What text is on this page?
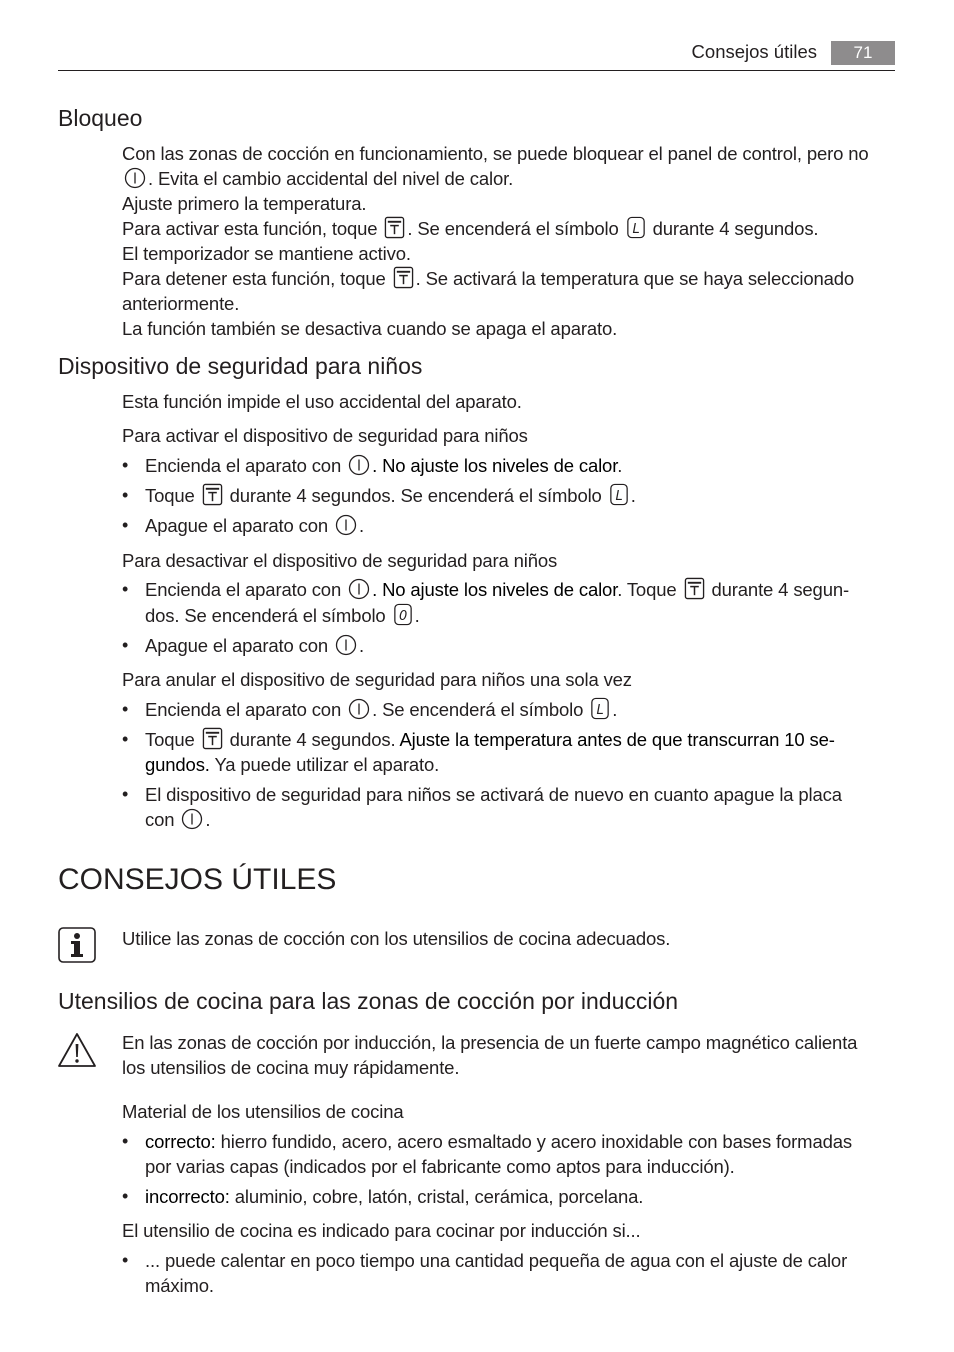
Consejos útiles	71
Bloqueo
Con las zonas de cocción en funcionamiento, se puede bloquear el panel de control, pero no
. Evita el cambio accidental del nivel de calor.
Ajuste primero la temperatura.
Para activar esta función, toque . Se encenderá el símbolo L durante 4 segundos.
El temporizador se mantiene activo.
Para detener esta función, toque . Se activará la temperatura que se haya seleccionado
anteriormente.
La función también se desactiva cuando se apaga el aparato.
Dispositivo de seguridad para niños
Esta función impide el uso accidental del aparato.
Para activar el dispositivo de seguridad para niños
• Encienda el aparato con . No ajuste los niveles de calor.
• Toque durante 4 segundos. Se encenderá el símbolo L .
• Apague el aparato con .
Para desactivar el dispositivo de seguridad para niños
• Encienda el aparato con . No ajuste los niveles de calor. Toque durante 4 segun-
dos. Se encenderá el símbolo 0 .
• Apague el aparato con .
Para anular el dispositivo de seguridad para niños una sola vez
• Encienda el aparato con . Se encenderá el símbolo L .
• Toque durante 4 segundos. Ajuste la temperatura antes de que transcurran 10 se-
gundos. Ya puede utilizar el aparato.
• El dispositivo de seguridad para niños se activará de nuevo en cuanto apague la placa
con .
CONSEJOS ÚTILES
Utilice las zonas de cocción con los utensilios de cocina adecuados.
Utensilios de cocina para las zonas de cocción por inducción
En las zonas de cocción por inducción, la presencia de un fuerte campo magnético calienta
los utensilios de cocina muy rápidamente.
Material de los utensilios de cocina
• correcto: hierro fundido, acero, acero esmaltado y acero inoxidable con bases formadas
por varias capas (indicados por el fabricante como aptos para inducción).
• incorrecto: aluminio, cobre, latón, cristal, cerámica, porcelana.
El utensilio de cocina es indicado para cocinar por inducción si...
• ... puede calentar en poco tiempo una cantidad pequeña de agua con el ajuste de calor
máximo.
